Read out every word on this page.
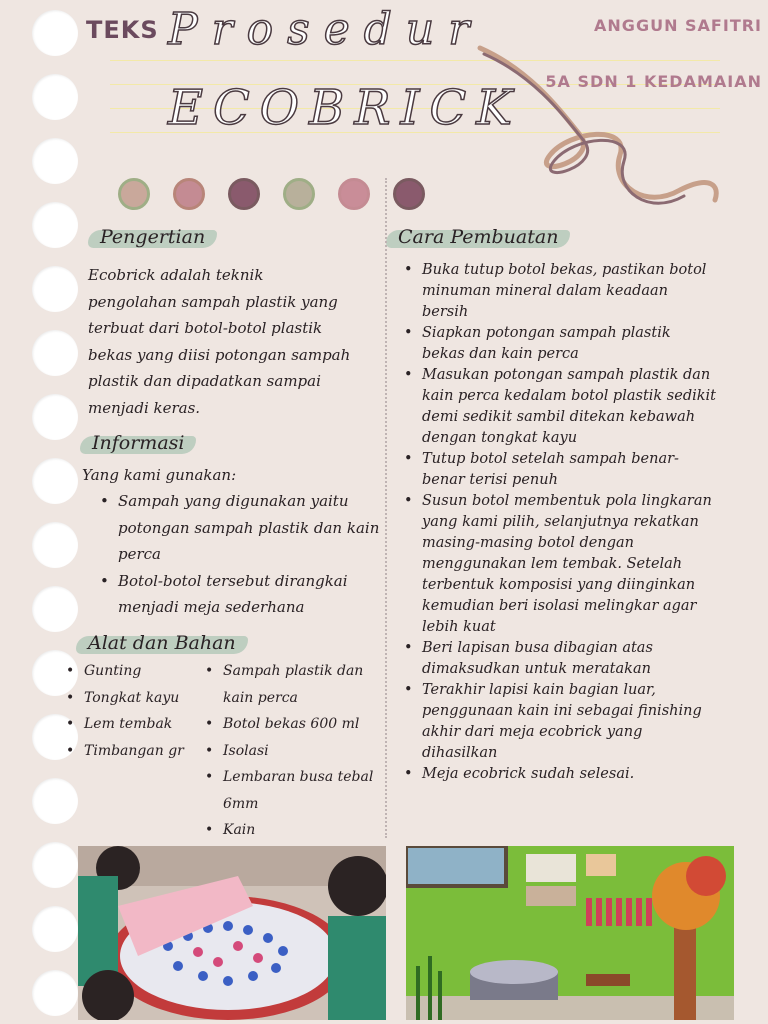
TEKS Prosedur
ECOBRICK
ANGGUN SAFITRI
5A SDN 1 KEDAMAIAN
Pengertian
Ecobrick adalah teknik
pengolahan sampah plastik yang
terbuat dari botol-botol plastik
bekas yang diisi potongan sampah
plastik dan dipadatkan sampai
menjadi keras.
Informasi
Yang kami gunakan:
• Sampah yang digunakan yaitu potongan sampah plastik dan kain perca
• Botol-botol tersebut dirangkai menjadi meja sederhana
Alat dan Bahan
• Gunting
• Tongkat kayu
• Lem tembak
• Timbangan gr
• Sampah plastik dan kain perca
• Botol bekas 600 ml
• Isolasi
• Lembaran busa tebal 6mm
• Kain
Cara Pembuatan
• Buka tutup botol bekas, pastikan botol minuman mineral dalam keadaan bersih
• Siapkan potongan sampah plastik bekas dan kain perca
• Masukan potongan sampah plastik dan kain perca kedalam botol plastik sedikit demi sedikit sambil ditekan kebawah dengan tongkat kayu
• Tutup botol setelah sampah benar-benar terisi penuh
• Susun botol membentuk pola lingkaran yang kami pilih, selanjutnya rekatkan masing-masing botol dengan menggunakan lem tembak. Setelah terbentuk komposisi yang diinginkan kemudian beri isolasi melingkar agar lebih kuat
• Beri lapisan busa dibagian atas dimaksudkan untuk meratakan
• Terakhir lapisi kain bagian luar, penggunaan kain ini sebagai finishing akhir dari meja ecobrick yang dihasilkan
• Meja ecobrick sudah selesai.
